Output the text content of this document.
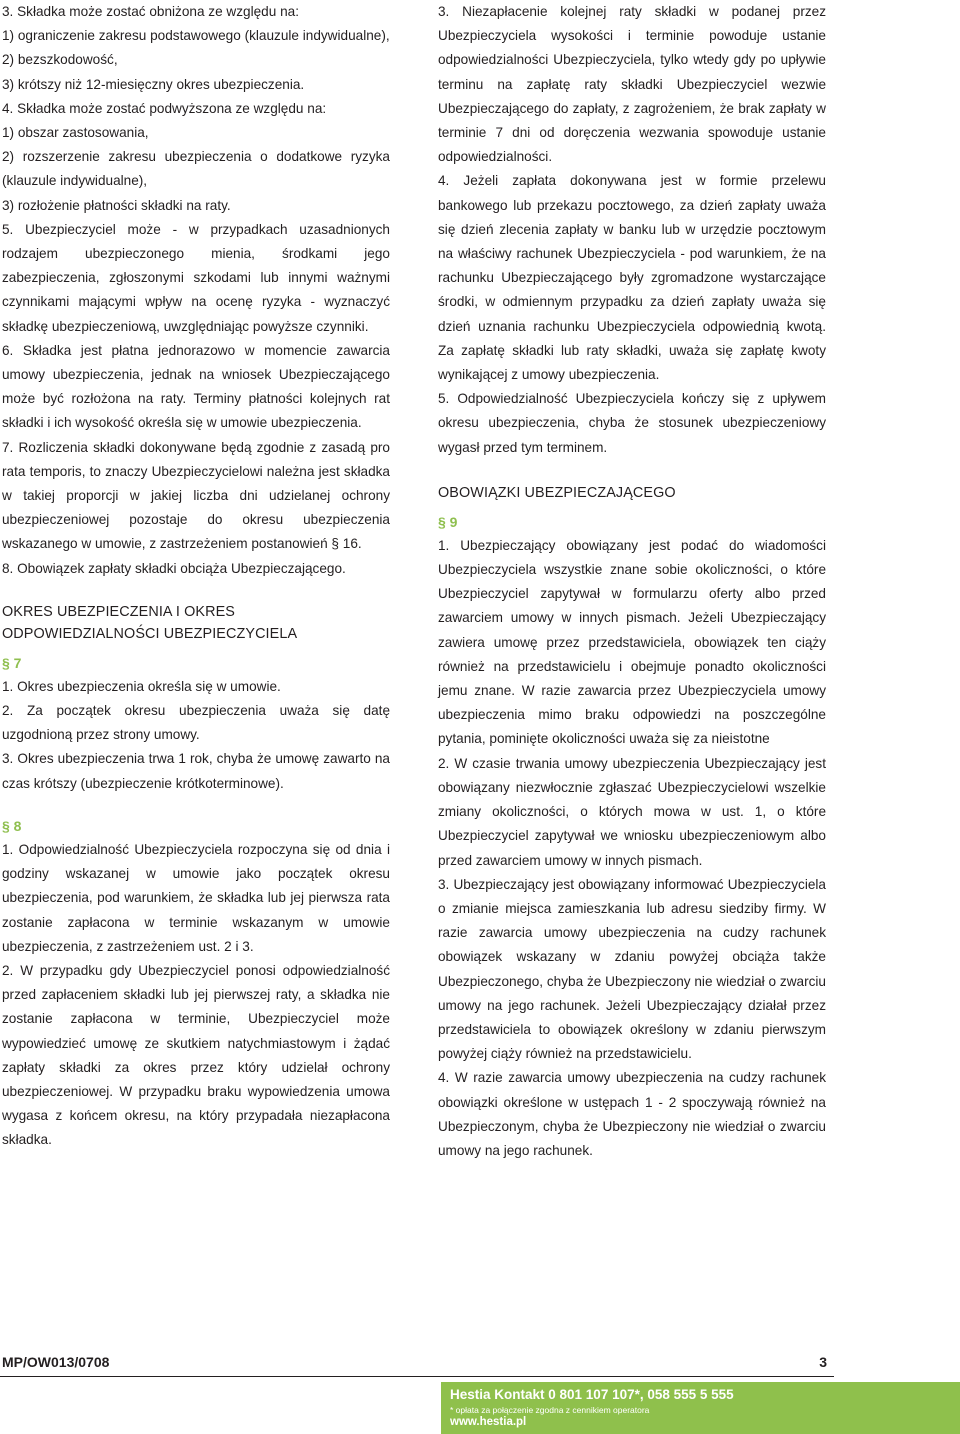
3. Składka może zostać obniżona ze względu na:

1) ograniczenie zakresu podstawowego (klauzule indywidualne),

2) bezszkodowość,

3) krótszy niż 12-miesięczny okres ubezpieczenia.

4. Składka może zostać podwyższona ze względu na:

1) obszar zastosowania,

2) rozszerzenie zakresu ubezpieczenia o dodatkowe ryzyka (klauzule indywidualne),

3) rozłożenie płatności składki na raty.

5. Ubezpieczyciel może - w przypadkach uzasadnionych rodzajem ubezpieczonego mienia, środkami jego zabezpieczenia, zgłoszonymi szkodami lub innymi ważnymi czynnikami mającymi wpływ na ocenę ryzyka - wyznaczyć składkę ubezpieczeniową, uwzględniając powyższe czynniki.

6. Składka jest płatna jednorazowo w momencie zawarcia umowy ubezpieczenia, jednak na wniosek Ubezpieczającego może być rozłożona na raty. Terminy płatności kolejnych rat składki i ich wysokość określa się w umowie ubezpieczenia.

7. Rozliczenia składki dokonywane będą zgodnie z zasadą pro rata temporis, to znaczy Ubezpieczycielowi należna jest składka w takiej proporcji w jakiej liczba dni udzielanej ochrony ubezpieczeniowej pozostaje do okresu ubezpieczenia wskazanego w umowie, z zastrzeżeniem postanowień § 16.

8. Obowiązek zapłaty składki obciąża Ubezpieczającego.

OKRES UBEZPIECZENIA I OKRES

ODPOWIEDZIALNOŚCI UBEZPIECZYCIELA

§ 7

1. Okres ubezpieczenia określa się w umowie.

2. Za początek okresu ubezpieczenia uważa się datę uzgodnioną przez strony umowy.

3. Okres ubezpieczenia trwa 1 rok, chyba że umowę zawarto na czas krótszy (ubezpieczenie krótkoterminowe).

§ 8

1. Odpowiedzialność Ubezpieczyciela rozpoczyna się od dnia i godziny wskazanej w umowie jako początek okresu ubezpieczenia, pod warunkiem, że składka lub jej pierwsza rata zostanie zapłacona w terminie wskazanym w umowie ubezpieczenia, z zastrzeżeniem ust. 2 i 3.

2. W przypadku gdy Ubezpieczyciel ponosi odpowiedzialność przed zapłaceniem składki lub jej pierwszej raty, a składka nie zostanie zapłacona w terminie, Ubezpieczyciel może wypowiedzieć umowę ze skutkiem natychmiastowym i żądać zapłaty składki za okres przez który udzielał ochrony ubezpieczeniowej. W przypadku braku wypowiedzenia umowa wygasa z końcem okresu, na który przypadała niezapłacona składka.

3. Niezapłacenie kolejnej raty składki w podanej przez Ubezpieczyciela wysokości i terminie powoduje ustanie odpowiedzialności Ubezpieczyciela, tylko wtedy gdy po upływie terminu na zapłatę raty składki Ubezpieczyciel wezwie Ubezpieczającego do zapłaty, z zagrożeniem, że brak zapłaty w terminie 7 dni od doręczenia wezwania spowoduje ustanie odpowiedzialności.

4. Jeżeli zapłata dokonywana jest w formie przelewu bankowego lub przekazu pocztowego, za dzień zapłaty uważa się dzień zlecenia zapłaty w banku lub w urzędzie pocztowym na właściwy rachunek Ubezpieczyciela - pod warunkiem, że na rachunku Ubezpieczającego były zgromadzone wystarczające środki, w odmiennym przypadku za dzień zapłaty uważa się dzień uznania rachunku Ubezpieczyciela odpowiednią kwotą. Za zapłatę składki lub raty składki, uważa się zapłatę kwoty wynikającej z umowy ubezpieczenia.

5. Odpowiedzialność Ubezpieczyciela kończy się z upływem okresu ubezpieczenia, chyba że stosunek ubezpieczeniowy wygasł przed tym terminem.

OBOWIĄZKI UBEZPIECZAJĄCEGO

§ 9

1. Ubezpieczający obowiązany jest podać do wiadomości Ubezpieczyciela wszystkie znane sobie okoliczności, o które Ubezpieczyciel zapytywał w formularzu oferty albo przed zawarciem umowy w innych pismach. Jeżeli Ubezpieczający zawiera umowę przez przedstawiciela, obowiązek ten ciąży również na przedstawicielu i obejmuje ponadto okoliczności jemu znane. W razie zawarcia przez Ubezpieczyciela umowy ubezpieczenia mimo braku odpowiedzi na poszczególne pytania, pominięte okoliczności uważa się za nieistotne

2. W czasie trwania umowy ubezpieczenia Ubezpieczający jest obowiązany niezwłocznie zgłaszać Ubezpieczycielowi wszelkie zmiany okoliczności, o których mowa w ust. 1, o które Ubezpieczyciel zapytywał we wniosku ubezpieczeniowym albo przed zawarciem umowy w innych pismach.

3. Ubezpieczający jest obowiązany informować Ubezpieczyciela o zmianie miejsca zamieszkania lub adresu siedziby firmy. W razie zawarcia umowy ubezpieczenia na cudzy rachunek obowiązek wskazany w zdaniu powyżej obciąża także Ubezpieczonego, chyba że Ubezpieczony nie wiedział o zwarciu umowy na jego rachunek. Jeżeli Ubezpieczający działał przez przedstawiciela to obowiązek określony w zdaniu pierwszym powyżej ciąży również na przedstawicielu.

4. W razie zawarcia umowy ubezpieczenia na cudzy rachunek obowiązki określone w ustępach 1 - 2 spoczywają również na Ubezpieczonym, chyba że Ubezpieczony nie wiedział o zwarciu umowy na jego rachunek.

MP/OW013/0708	3
Hestia Kontakt 0 801 107 107*, 058 555 5 555
* opłata za połączenie zgodna z cennikiem operatora
www.hestia.pl
